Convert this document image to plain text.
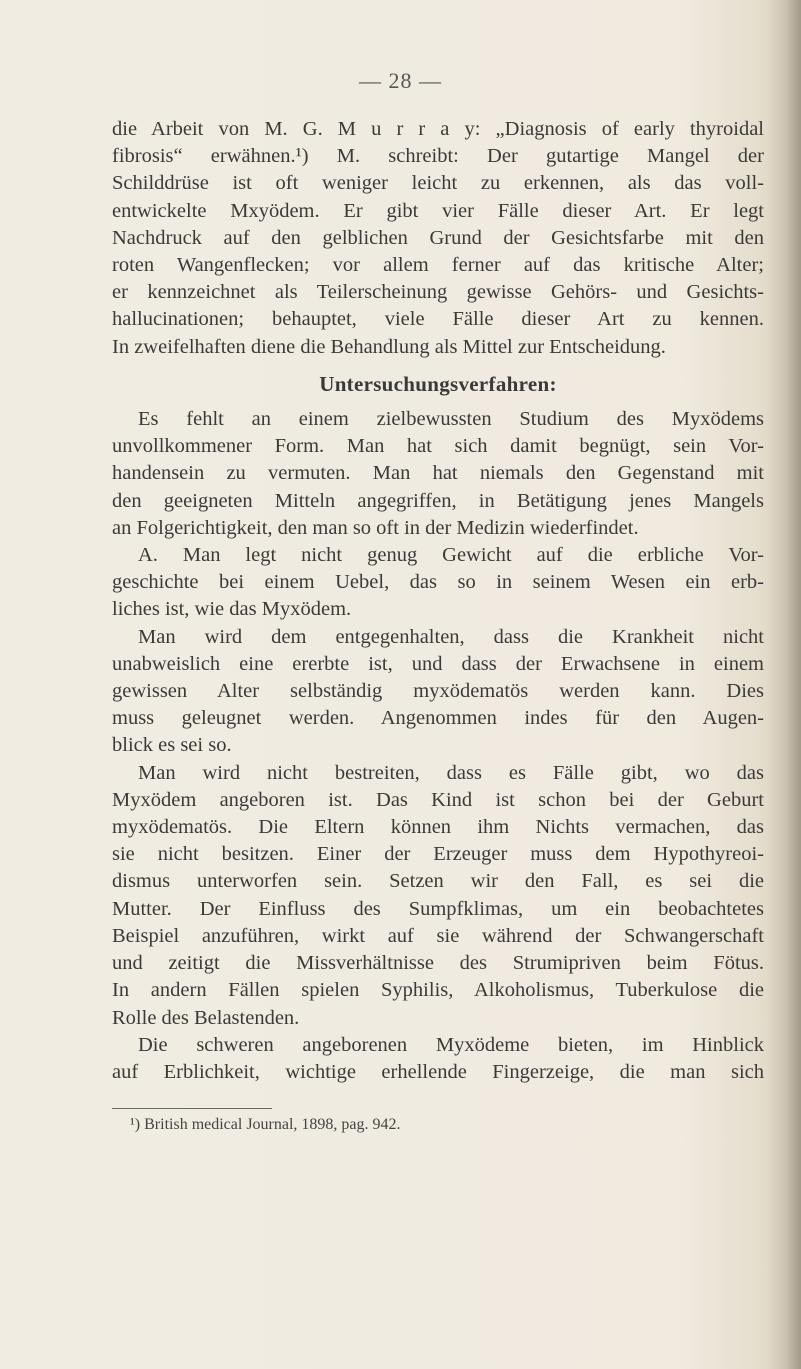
— 28 —
die Arbeit von M. G. M u r r a y: „Diagnosis of early thyroidal
fibrosis“ erwähnen.¹) M. schreibt: Der gutartige Mangel der
Schilddrüse ist oft weniger leicht zu erkennen, als das voll-
entwickelte Mxyödem. Er gibt vier Fälle dieser Art. Er legt
Nachdruck auf den gelblichen Grund der Gesichtsfarbe mit den
roten Wangenflecken; vor allem ferner auf das kritische Alter;
er kennzeichnet als Teilerscheinung gewisse Gehörs- und Gesichts-
hallucinationen; behauptet, viele Fälle dieser Art zu kennen.
In zweifelhaften diene die Behandlung als Mittel zur Entscheidung.
Untersuchungsverfahren:
Es fehlt an einem zielbewussten Studium des Myxödems
unvollkommener Form. Man hat sich damit begnügt, sein Vor-
handensein zu vermuten. Man hat niemals den Gegenstand mit
den geeigneten Mitteln angegriffen, in Betätigung jenes Mangels
an Folgerichtigkeit, den man so oft in der Medizin wiederfindet.
A. Man legt nicht genug Gewicht auf die erbliche Vor-
geschichte bei einem Uebel, das so in seinem Wesen ein erb-
liches ist, wie das Myxödem.
Man wird dem entgegenhalten, dass die Krankheit nicht
unabweislich eine ererbte ist, und dass der Erwachsene in einem
gewissen Alter selbständig myxödematös werden kann. Dies
muss geleugnet werden. Angenommen indes für den Augen-
blick es sei so.
Man wird nicht bestreiten, dass es Fälle gibt, wo das
Myxödem angeboren ist. Das Kind ist schon bei der Geburt
myxödematös. Die Eltern können ihm Nichts vermachen, das
sie nicht besitzen. Einer der Erzeuger muss dem Hypothyreoi-
dismus unterworfen sein. Setzen wir den Fall, es sei die
Mutter. Der Einfluss des Sumpfklimas, um ein beobachtetes
Beispiel anzuführen, wirkt auf sie während der Schwangerschaft
und zeitigt die Missverhältnisse des Strumipriven beim Fötus.
In andern Fällen spielen Syphilis, Alkoholismus, Tuberkulose die
Rolle des Belastenden.
Die schweren angeborenen Myxödeme bieten, im Hinblick
auf Erblichkeit, wichtige erhellende Fingerzeige, die man sich
¹) British medical Journal, 1898, pag. 942.
